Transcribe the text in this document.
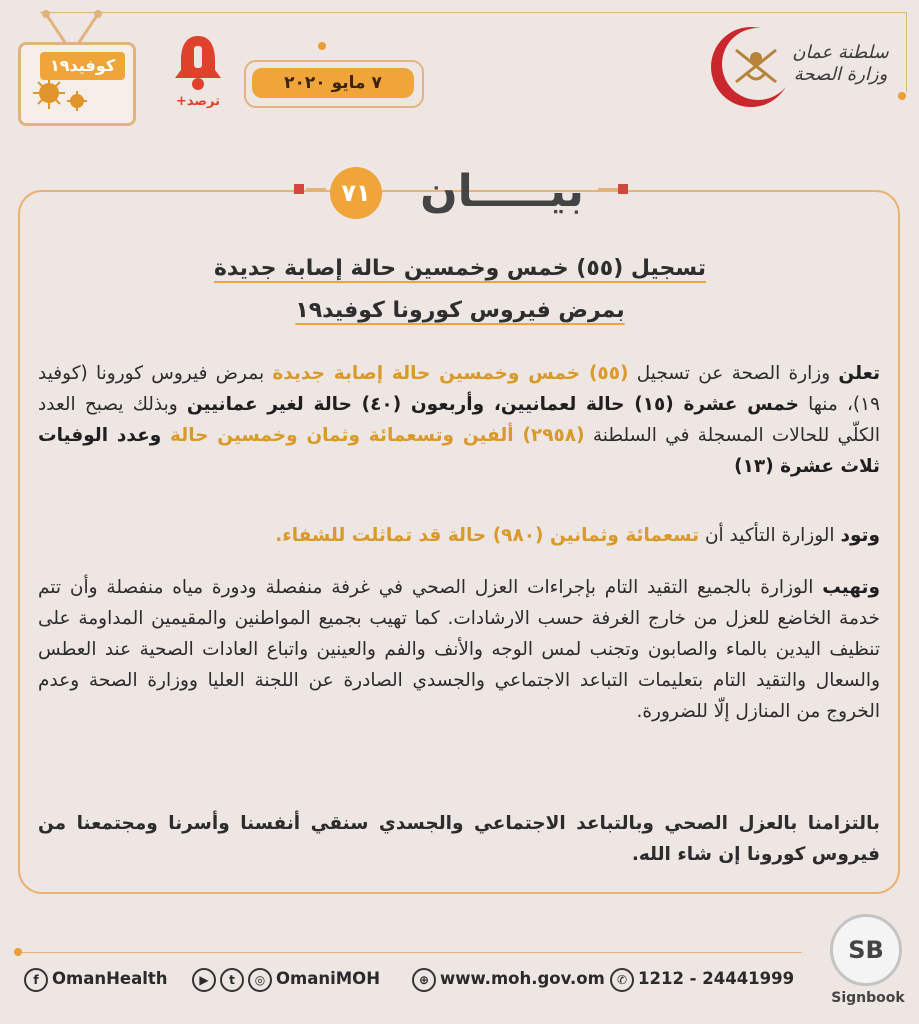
سلطنة عمان
وزارة الصحة
٧ مايو ٢٠٢٠
ترصد+
كوفيد١٩
٧١	بيـــــان
تسجيل (٥٥) خمس وخمسين حالة إصابة جديدة
بمرض فيروس كورونا كوفيد١٩
تعلن وزارة الصحة عن تسجيل (٥٥) خمس وخمسين حالة إصابة جديدة بمرض فيروس كورونا (كوفيد ١٩)، منها خمس عشرة (١٥) حالة لعمانيين، وأربعون (٤٠) حالة لغير عمانيين وبذلك يصبح العدد الكلّي للحالات المسجلة في السلطنة (٢٩٥٨) ألفين وتسعمائة وثمان وخمسين حالة وعدد الوفيات ثلاث عشرة (١٣)
وتود الوزارة التأكيد أن تسعمائة وثمانين (٩٨٠) حالة قد تماثلت للشفاء.
وتهيب الوزارة بالجميع التقيد التام بإجراءات العزل الصحي في غرفة منفصلة ودورة مياه منفصلة وأن تتم خدمة الخاضع للعزل من خارج الغرفة حسب الارشادات. كما تهيب بجميع المواطنين والمقيمين المداومة على تنظيف اليدين بالماء والصابون وتجنب لمس الوجه والأنف والفم والعينين واتباع العادات الصحية عند العطس والسعال والتقيد التام بتعليمات التباعد الاجتماعي والجسدي الصادرة عن اللجنة العليا ووزارة الصحة وعدم الخروج من المنازل إلّا للضرورة.
بالتزامنا بالعزل الصحي وبالتباعد الاجتماعي والجسدي سنقي أنفسنا وأسرنا ومجتمعنا من فيروس كورونا إن شاء الله.
f OmanHealth	▶ t ◎ OmaniMOH	⊕ www.moh.gov.om	✆ 1212 - 24441999
SB
Signbook
